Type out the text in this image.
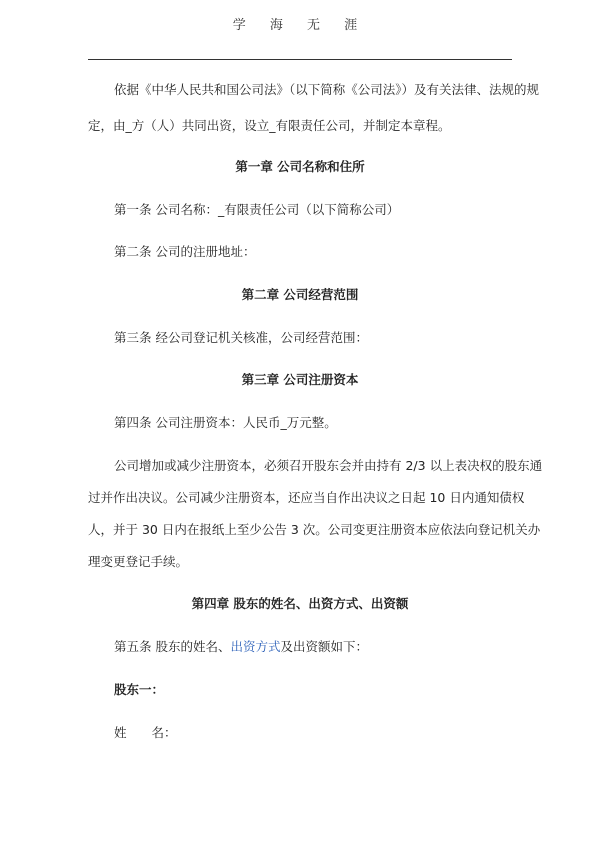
学 海 无 涯
依据《中华人民共和国公司法》（以下简称《公司法》）及有关法律、法规的规
定，由_方（人）共同出资，设立_有限责任公司，并制定本章程。
第一章 公司名称和住所
第一条 公司名称：_有限责任公司（以下简称公司）
第二条 公司的注册地址：
第二章 公司经营范围
第三条 经公司登记机关核准，公司经营范围：
第三章 公司注册资本
第四条 公司注册资本：人民币_万元整。
公司增加或减少注册资本，必须召开股东会并由持有 2/3 以上表决权的股东通
过并作出决议。公司减少注册资本，还应当自作出决议之日起 10 日内通知债权
人，并于 30 日内在报纸上至少公告 3 次。公司变更注册资本应依法向登记机关办
理变更登记手续。
第四章 股东的姓名、出资方式、出资额
第五条 股东的姓名、出资方式及出资额如下：
股东一：
姓　　名：
